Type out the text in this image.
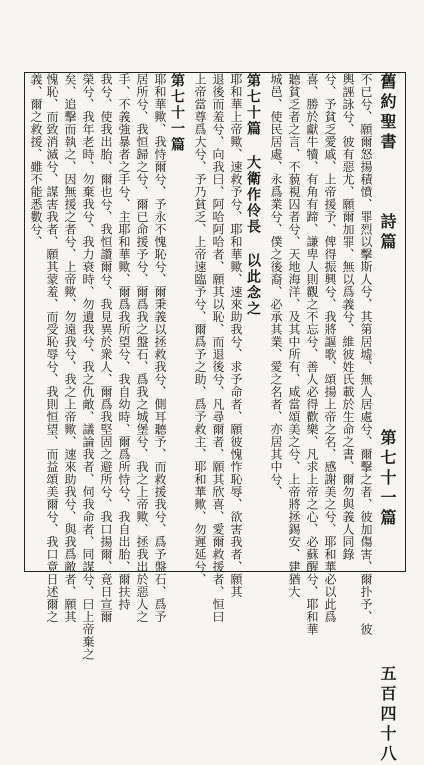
舊約聖書  詩篇  第七十一篇  五百四十八
不已兮、願爾怒揚積憤、罪烈以擊斯人兮、其第居墟、無人居處兮、爾擊之者、彼加傷害、爾扑予、彼
輿誣詠兮、彼有惡尤、願爾加罪、無以爲義兮、維彼姓氏載於生命之書、爾勿與義人同錄
兮、予貧乏愛戚、上帝援予、俾得振興兮、我將謳歌、頌揚上帝之名、感謝美之兮、耶和華必以此爲
喜、勝於獻牛犢、有角有蹄、謙卑人則觀之不忘兮、善人必得歡樂、凡求上帝之心、必蘇醒兮、耶和華
聽貧乏者之言、不藐視囚者兮、天地海洋、及其中所有、咸當頌美之兮、上帝將拯錫安、建猶大
城邑、使民居處、永爲業兮、僕之後裔、必承其業、愛之名者、亦居其中兮、
第七十篇 大衛作伶長 以此念之
耶和華上帝歟、速救予兮、耶和華歟、速來助我兮、求予命者、願彼愧怍恥辱、欲害我者、願其
退後而羞兮、向我曰、阿哈阿哈者、願其以恥、而退後兮、凡尋爾者、願其欣喜、愛爾救援者、恒曰
上帝當尊爲大兮、予乃貧乏、上帝速臨予兮、爾爲予之助、爲予救主、耶和華歟、勿遲延兮、
第七十一篇
耶和華歟、我恃爾兮、予永不愧恥兮、爾秉義以拯救我兮、側耳聽予、而救援我兮、爲予盤石、爲予
居所兮、我恒歸之兮、爾已命援予兮、爾爲我之盤石、爲我之城堡兮、我之上帝歟、拯我出於惡人之
手、不義強暴者之手兮、主耶和華歟、爾爲我所望兮、我自幼時、爾爲所恃兮、我自出胎、爾扶持
我兮、使我出胎、爾也兮、我恒讚爾兮、我見異於衆人、爾爲我堅固之避所兮、我口揚爾、竟日宣爾
榮兮、我年老時、勿棄我兮、我力衰時、勿遺我兮、我之仇敵、議論我者、伺我命者、同謀兮、曰上帝棄之
矣、追擊而執之、因無援之者兮、上帝歟、勿遠我兮、我之上帝歟、速來助我兮、與我爲敵者、願其
愧恥、而致消滅兮、謀害我者、願其蒙羞、而受恥辱兮、我則恒望、而益頌美爾兮、我口竟日述爾之
義、爾之救援、雖不能悉數兮、
